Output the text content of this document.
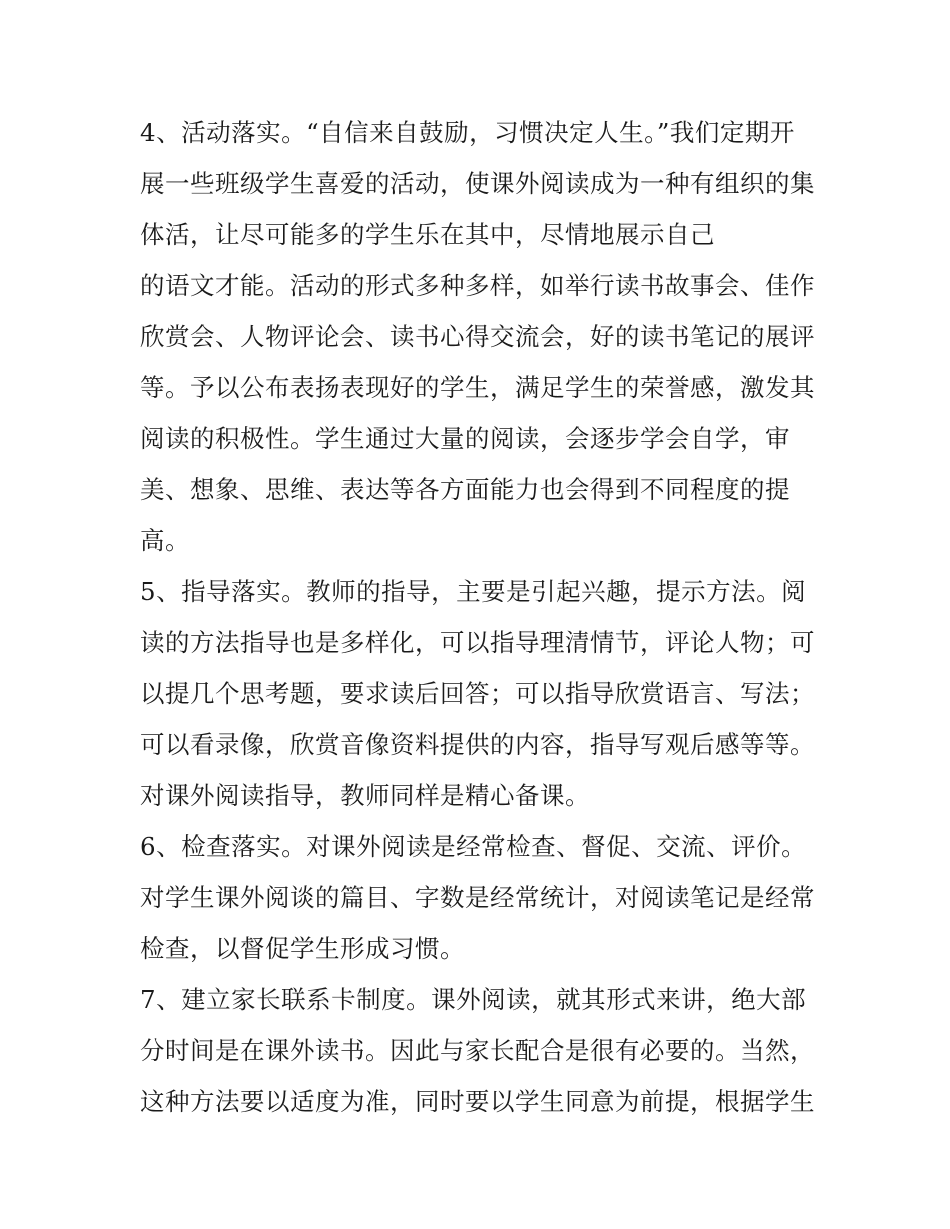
4、活动落实。“自信来自鼓励，习惯决定人生。”我们定期开
展一些班级学生喜爱的活动，使课外阅读成为一种有组织的集
体活，让尽可能多的学生乐在其中，尽情地展示自己
的语文才能。活动的形式多种多样，如举行读书故事会、佳作
欣赏会、人物评论会、读书心得交流会，好的读书笔记的展评
等。予以公布表扬表现好的学生，满足学生的荣誉感，激发其
阅读的积极性。学生通过大量的阅读，会逐步学会自学，审
美、想象、思维、表达等各方面能力也会得到不同程度的提
高。
5、指导落实。教师的指导，主要是引起兴趣，提示方法。阅
读的方法指导也是多样化，可以指导理清情节，评论人物；可
以提几个思考题，要求读后回答；可以指导欣赏语言、写法；
可以看录像，欣赏音像资料提供的内容，指导写观后感等等。
对课外阅读指导，教师同样是精心备课。
6、检查落实。对课外阅读是经常检查、督促、交流、评价。
对学生课外阅谈的篇目、字数是经常统计，对阅读笔记是经常
检查，以督促学生形成习惯。
7、建立家长联系卡制度。课外阅读，就其形式来讲，绝大部
分时间是在课外读书。因此与家长配合是很有必要的。当然，
这种方法要以适度为准，同时要以学生同意为前提，根据学生
